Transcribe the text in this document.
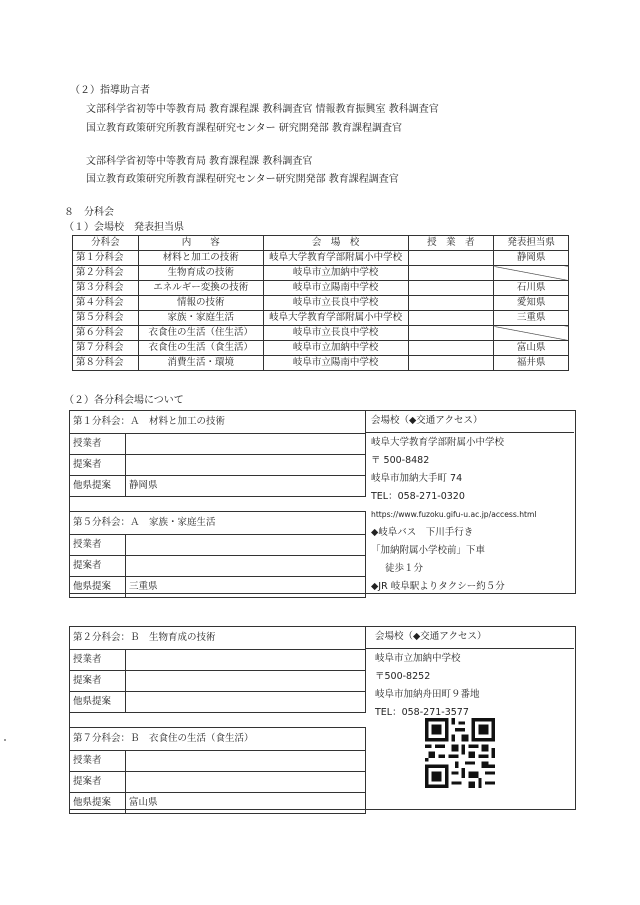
（２）指導助言者
文部科学省初等中等教育局 教育課程課 教科調査官 情報教育振興室 教科調査官
国立教育政策研究所教育課程研究センター 研究開発部 教育課程調査官
文部科学省初等中等教育局 教育課程課 教科調査官
国立教育政策研究所教育課程研究センター研究開発部 教育課程調査官
８　分科会
（１）会場校　発表担当県
分科会	内　　容	会　場　校	授　業　者	発表担当県
第１分科会	材料と加工の技術	岐阜大学教育学部附属小中学校		静岡県
第２分科会	生物育成の技術	岐阜市立加納中学校		
第３分科会	エネルギー変換の技術	岐阜市立陽南中学校		石川県
第４分科会	情報の技術	岐阜市立長良中学校		愛知県
第５分科会	家族・家庭生活	岐阜大学教育学部附属小中学校		三重県
第６分科会	衣食住の生活（住生活）	岐阜市立長良中学校		
第７分科会	衣食住の生活（食生活）	岐阜市立加納中学校		富山県
第８分科会	消費生活・環境	岐阜市立陽南中学校		福井県
（２）各分科会場について
第１分科会：Ａ　材料と加工の技術	
授業者	
提案者	
他県提案	静岡県

第５分科会：Ａ　家族・家庭生活	
授業者	
提案者	
他県提案	三重県
会場校（◆交通アクセス）
岐阜大学教育学部附属小中学校
〒 500-8482
岐阜市加納大手町 74
TEL：058-271-0320
https://www.fuzoku.gifu-u.ac.jp/access.html
◆岐阜バス　下川手行き
「加納附属小学校前」下車
徒歩１分
◆JR 岐阜駅よりタクシー約５分
第２分科会：Ｂ　生物育成の技術	
授業者	
提案者	
他県提案	

第７分科会：Ｂ　衣食住の生活（食生活）	
授業者	
提案者	
他県提案	富山県
会場校（◆交通アクセス）
岐阜市立加納中学校
〒500-8252
岐阜市加納舟田町９番地
TEL：058-271-3577
